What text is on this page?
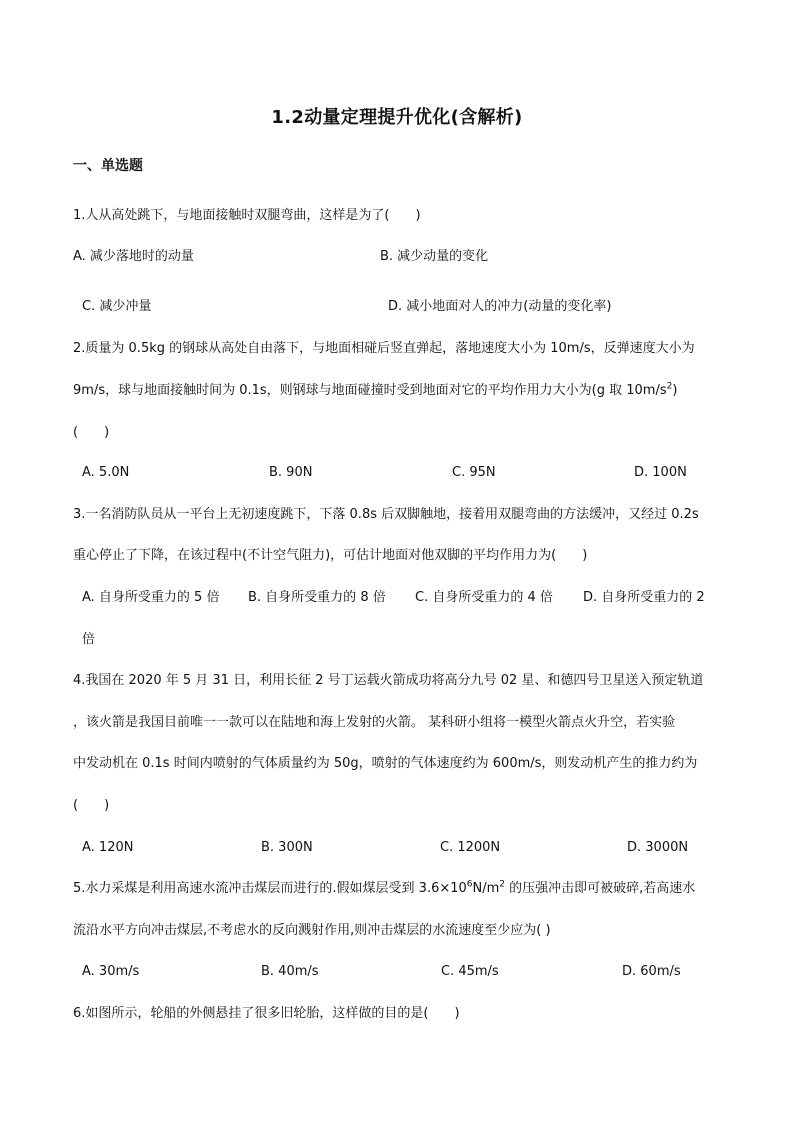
1.2动量定理提升优化(含解析)
一、单选题
1.人从高处跳下，与地面接触时双腿弯曲，这样是为了(　　)
A. 减少落地时的动量	B. 减少动量的变化
C. 减少冲量	D. 减小地面对人的冲力(动量的变化率)
2.质量为 0.5kg 的钢球从高处自由落下，与地面相碰后竖直弹起，落地速度大小为 10m/s，反弹速度大小为
9m/s，球与地面接触时间为 0.1s，则钢球与地面碰撞时受到地面对它的平均作用力大小为(g 取 $10m/s^2$)
(　　)
A. 5.0N	B. 90N	C. 95N	D. 100N
3.一名消防队员从一平台上无初速度跳下，下落 0.8s 后双脚触地，接着用双腿弯曲的方法缓冲，又经过 0.2s
重心停止了下降，在该过程中(不计空气阻力)，可估计地面对他双脚的平均作用力为(　　)
A. 自身所受重力的 5 倍 B. 自身所受重力的 8 倍 C. 自身所受重力的 4 倍 D. 自身所受重力的 2
倍
4.我国在 2020 年 5 月 31 日，利用长征 2 号丁运载火箭成功将高分九号 02 星、和德四号卫星送入预定轨道
，该火箭是我国目前唯一一款可以在陆地和海上发射的火箭。 某科研小组将一模型火箭点火升空，若实验
中发动机在 0.1s 时间内喷射的气体质量约为 50g，喷射的气体速度约为 600m/s，则发动机产生的推力约为
(　　)
A. 120N	B. 300N	C. 1200N	D. 3000N
5.水力采煤是利用高速水流冲击煤层而进行的.假如煤层受到 $3.6\times 10^6N/m^2$ 的压强冲击即可被破碎,若高速水
流沿水平方向冲击煤层,不考虑水的反向溅射作用,则冲击煤层的水流速度至少应为( )
A. 30m/s	B. 40m/s	C. 45m/s	D. 60m/s
6.如图所示，轮船的外侧悬挂了很多旧轮胎，这样做的目的是(　　)
